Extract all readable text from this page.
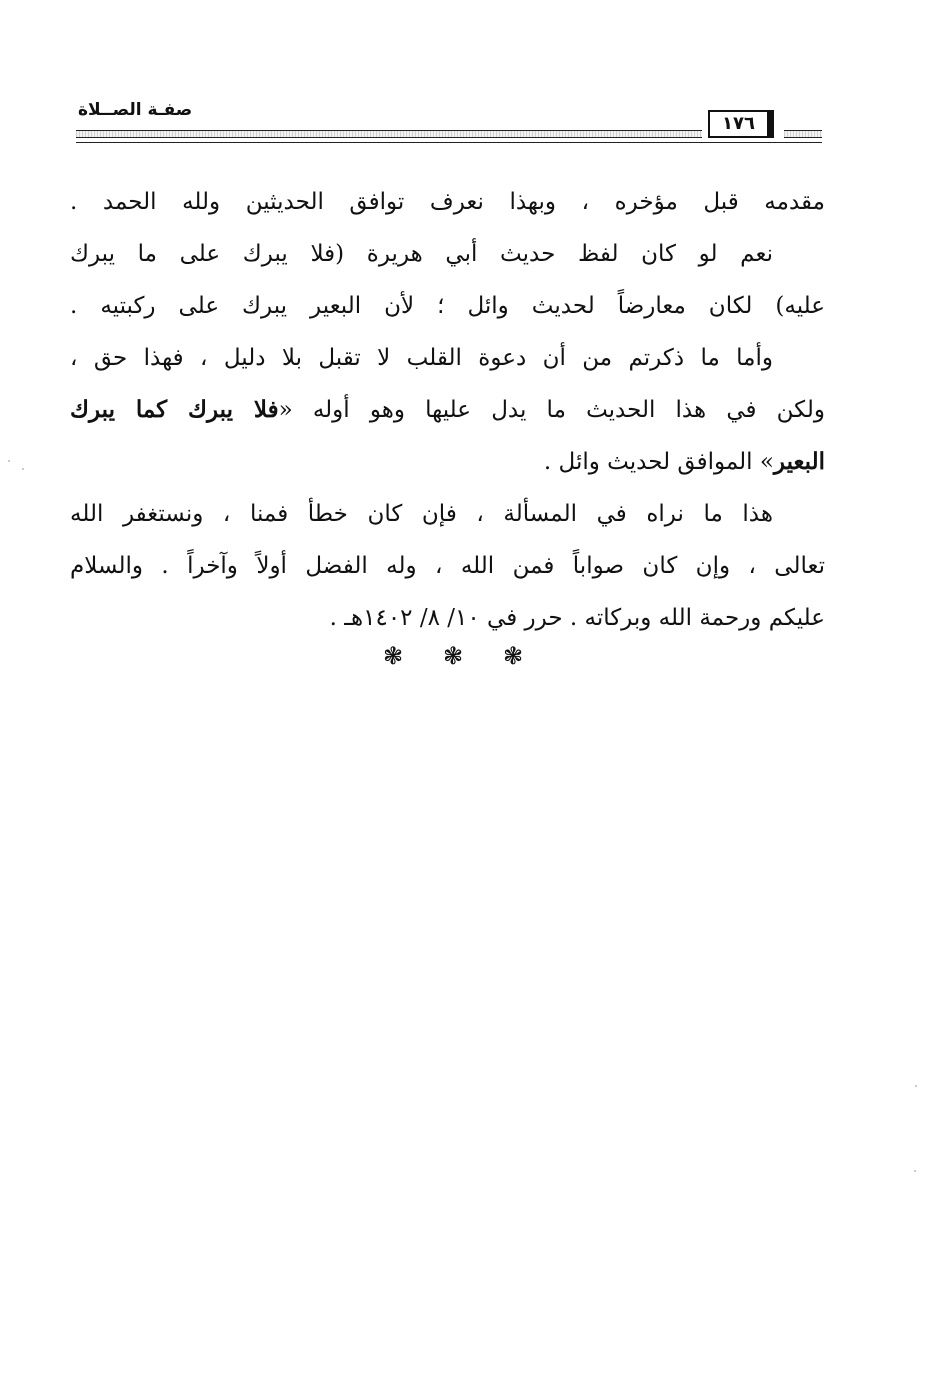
صفـة الصــلاة
١٧٦
مقدمه قبل مؤخره ، وبهذا نعرف توافق الحديثين ولله الحمد .
نعم لو كان لفظ حديث أبي هريرة (فلا يبرك على ما يبرك
عليه) لكان معارضاً لحديث وائل ؛ لأن البعير يبرك على ركبتيه .
وأما ما ذكرتم من أن دعوة القلب لا تقبل بلا دليل ، فهذا حق ،
ولكن في هذا الحديث ما يدل عليها وهو أوله «فلا يبرك كما يبرك
البعير» الموافق لحديث وائل .
هذا ما نراه في المسألة ، فإن كان خطأ فمنا ، ونستغفر الله
تعالى ، وإن كان صواباً فمن الله ، وله الفضل أولاً وآخراً . والسلام
عليكم ورحمة الله وبركاته . حرر في ١٠/ ٨/ ١٤٠٢هـ .
❃ ❃ ❃
